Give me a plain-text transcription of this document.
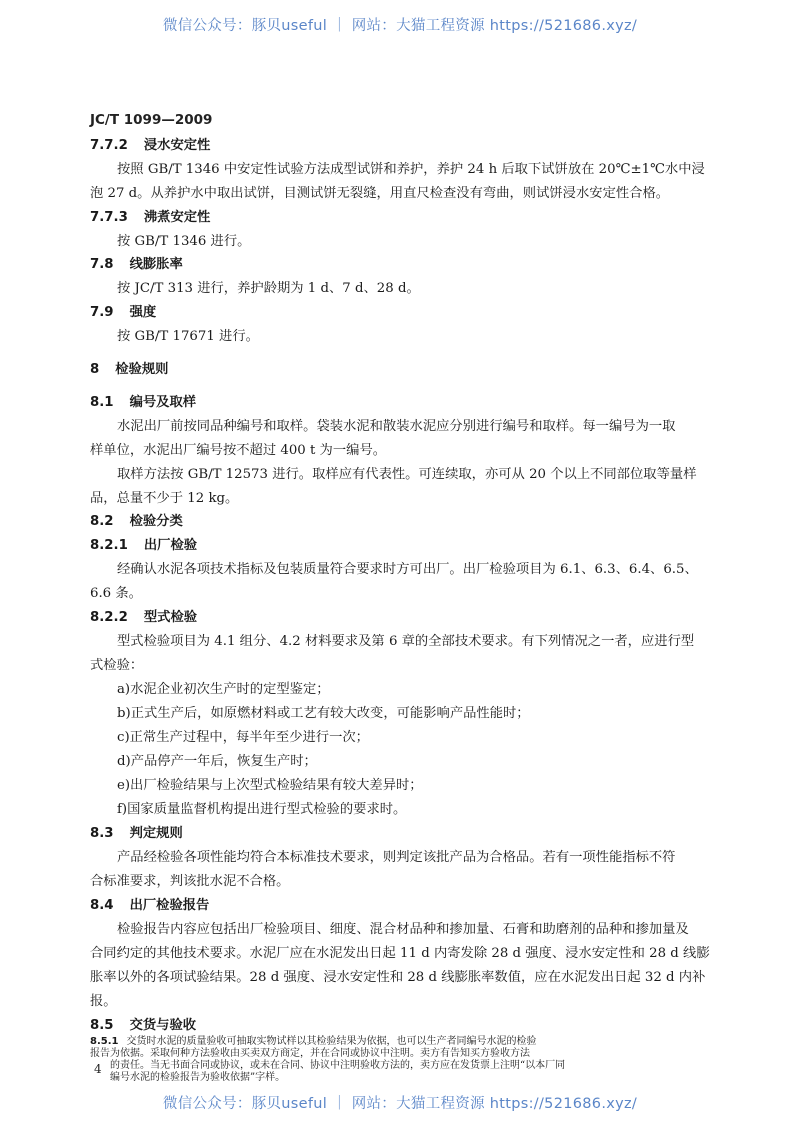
微信公众号：豚贝useful ｜ 网站：大猫工程资源 https://521686.xyz/
JC/T 1099—2009
7.7.2 浸水安定性
按照 GB/T 1346 中安定性试验方法成型试饼和养护，养护 24 h 后取下试饼放在 20℃±1℃水中浸
泡 27 d。从养护水中取出试饼，目测试饼无裂缝，用直尺检查没有弯曲，则试饼浸水安定性合格。
7.7.3 沸煮安定性
按 GB/T 1346 进行。
7.8 线膨胀率
按 JC/T 313 进行，养护龄期为 1 d、7 d、28 d。
7.9 强度
按 GB/T 17671 进行。
8 检验规则
8.1 编号及取样
水泥出厂前按同品种编号和取样。袋装水泥和散装水泥应分别进行编号和取样。每一编号为一取
样单位，水泥出厂编号按不超过 400 t 为一编号。
取样方法按 GB/T 12573 进行。取样应有代表性。可连续取，亦可从 20 个以上不同部位取等量样
品，总量不少于 12 kg。
8.2 检验分类
8.2.1 出厂检验
经确认水泥各项技术指标及包装质量符合要求时方可出厂。出厂检验项目为 6.1、6.3、6.4、6.5、
6.6 条。
8.2.2 型式检验
型式检验项目为 4.1 组分、4.2 材料要求及第 6 章的全部技术要求。有下列情况之一者，应进行型
式检验：
a)水泥企业初次生产时的定型鉴定；
b)正式生产后，如原燃材料或工艺有较大改变，可能影响产品性能时；
c)正常生产过程中，每半年至少进行一次；
d)产品停产一年后，恢复生产时；
e)出厂检验结果与上次型式检验结果有较大差异时；
f)国家质量监督机构提出进行型式检验的要求时。
8.3 判定规则
产品经检验各项性能均符合本标准技术要求，则判定该批产品为合格品。若有一项性能指标不符
合标准要求，判该批水泥不合格。
8.4 出厂检验报告
检验报告内容应包括出厂检验项目、细度、混合材品种和掺加量、石膏和助磨剂的品种和掺加量及
合同约定的其他技术要求。水泥厂应在水泥发出日起 11 d 内寄发除 28 d 强度、浸水安定性和 28 d 线膨
胀率以外的各项试验结果。28 d 强度、浸水安定性和 28 d 线膨胀率数值，应在水泥发出日起 32 d 内补
报。
8.5 交货与验收
4
微信公众号：豚贝useful ｜ 网站：大猫工程资源 https://521686.xyz/
8.5.1 交货时水泥的质量验收可抽取实物试样以其检验结果为依据，也可以生产者同编号水泥的检验
报告为依据。采取何种方法验收由买卖双方商定，并在合同或协议中注明。卖方有告知买方验收方法
的责任。当无书面合同或协议，或未在合同、协议中注明验收方法的，卖方应在发货票上注明“以本厂同
编号水泥的检验报告为验收依据”字样。
